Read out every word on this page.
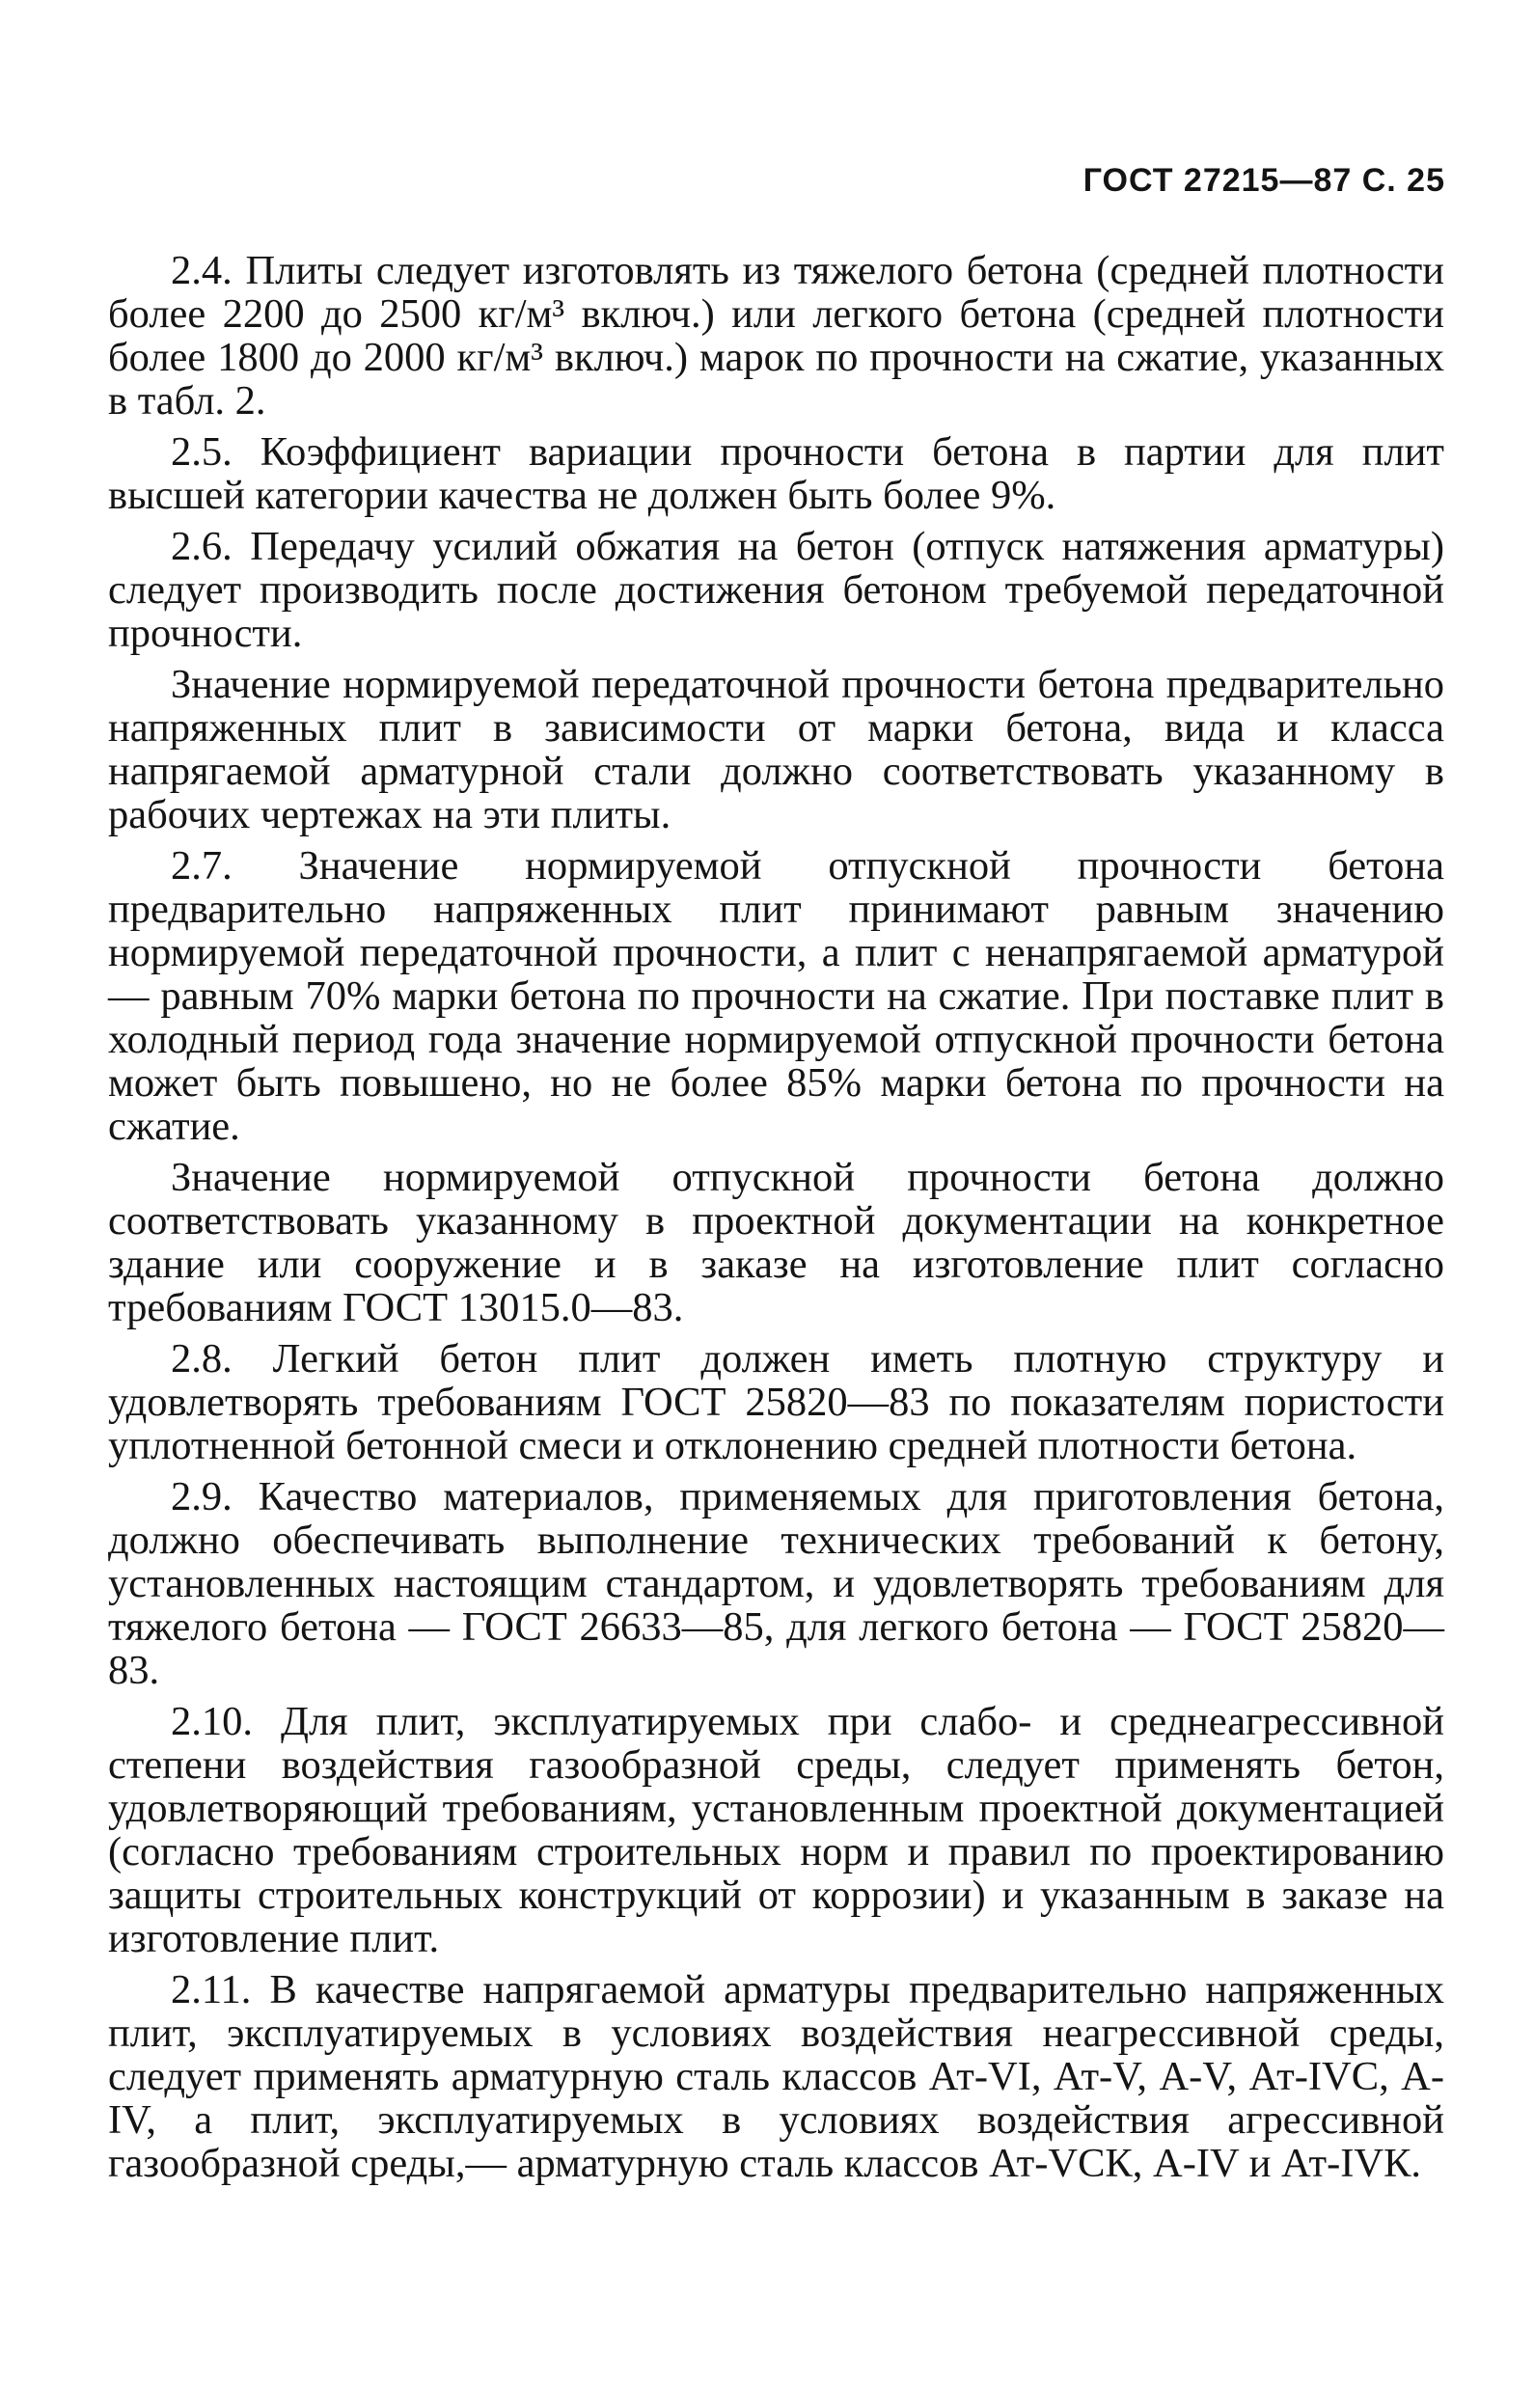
ГОСТ 27215—87 С. 25

2.4. Плиты следует изготовлять из тяжелого бетона (средней плотности более 2200 до 2500 кг/м³ включ.) или легкого бетона (средней плотности более 1800 до 2000 кг/м³ включ.) марок по прочности на сжатие, указанных в табл. 2.

2.5. Коэффициент вариации прочности бетона в партии для плит высшей категории качества не должен быть более 9%.

2.6. Передачу усилий обжатия на бетон (отпуск натяжения арматуры) следует производить после достижения бетоном требуемой передаточной прочности.

Значение нормируемой передаточной прочности бетона предварительно напряженных плит в зависимости от марки бетона, вида и класса напрягаемой арматурной стали должно соответствовать указанному в рабочих чертежах на эти плиты.

2.7. Значение нормируемой отпускной прочности бетона предварительно напряженных плит принимают равным значению нормируемой передаточной прочности, а плит с ненапрягаемой арматурой — равным 70% марки бетона по прочности на сжатие. При поставке плит в холодный период года значение нормируемой отпускной прочности бетона может быть повышено, но не более 85% марки бетона по прочности на сжатие.

Значение нормируемой отпускной прочности бетона должно соответствовать указанному в проектной документации на конкретное здание или сооружение и в заказе на изготовление плит согласно требованиям ГОСТ 13015.0—83.

2.8. Легкий бетон плит должен иметь плотную структуру и удовлетворять требованиям ГОСТ 25820—83 по показателям пористости уплотненной бетонной смеси и отклонению средней плотности бетона.

2.9. Качество материалов, применяемых для приготовления бетона, должно обеспечивать выполнение технических требований к бетону, установленных настоящим стандартом, и удовлетворять требованиям для тяжелого бетона — ГОСТ 26633—85, для легкого бетона — ГОСТ 25820—83.

2.10. Для плит, эксплуатируемых при слабо- и среднеагрессивной степени воздействия газообразной среды, следует применять бетон, удовлетворяющий требованиям, установленным проектной документацией (согласно требованиям строительных норм и правил по проектированию защиты строительных конструкций от коррозии) и указанным в заказе на изготовление плит.

2.11. В качестве напрягаемой арматуры предварительно напряженных плит, эксплуатируемых в условиях воздействия неагрессивной среды, следует применять арматурную сталь классов Ат-VI, Ат-V, А-V, Ат-IVС, А-IV, а плит, эксплуатируемых в условиях воздействия агрессивной газообразной среды,— арматурную сталь классов Ат-VСК, А-IV и Ат-IVК.
